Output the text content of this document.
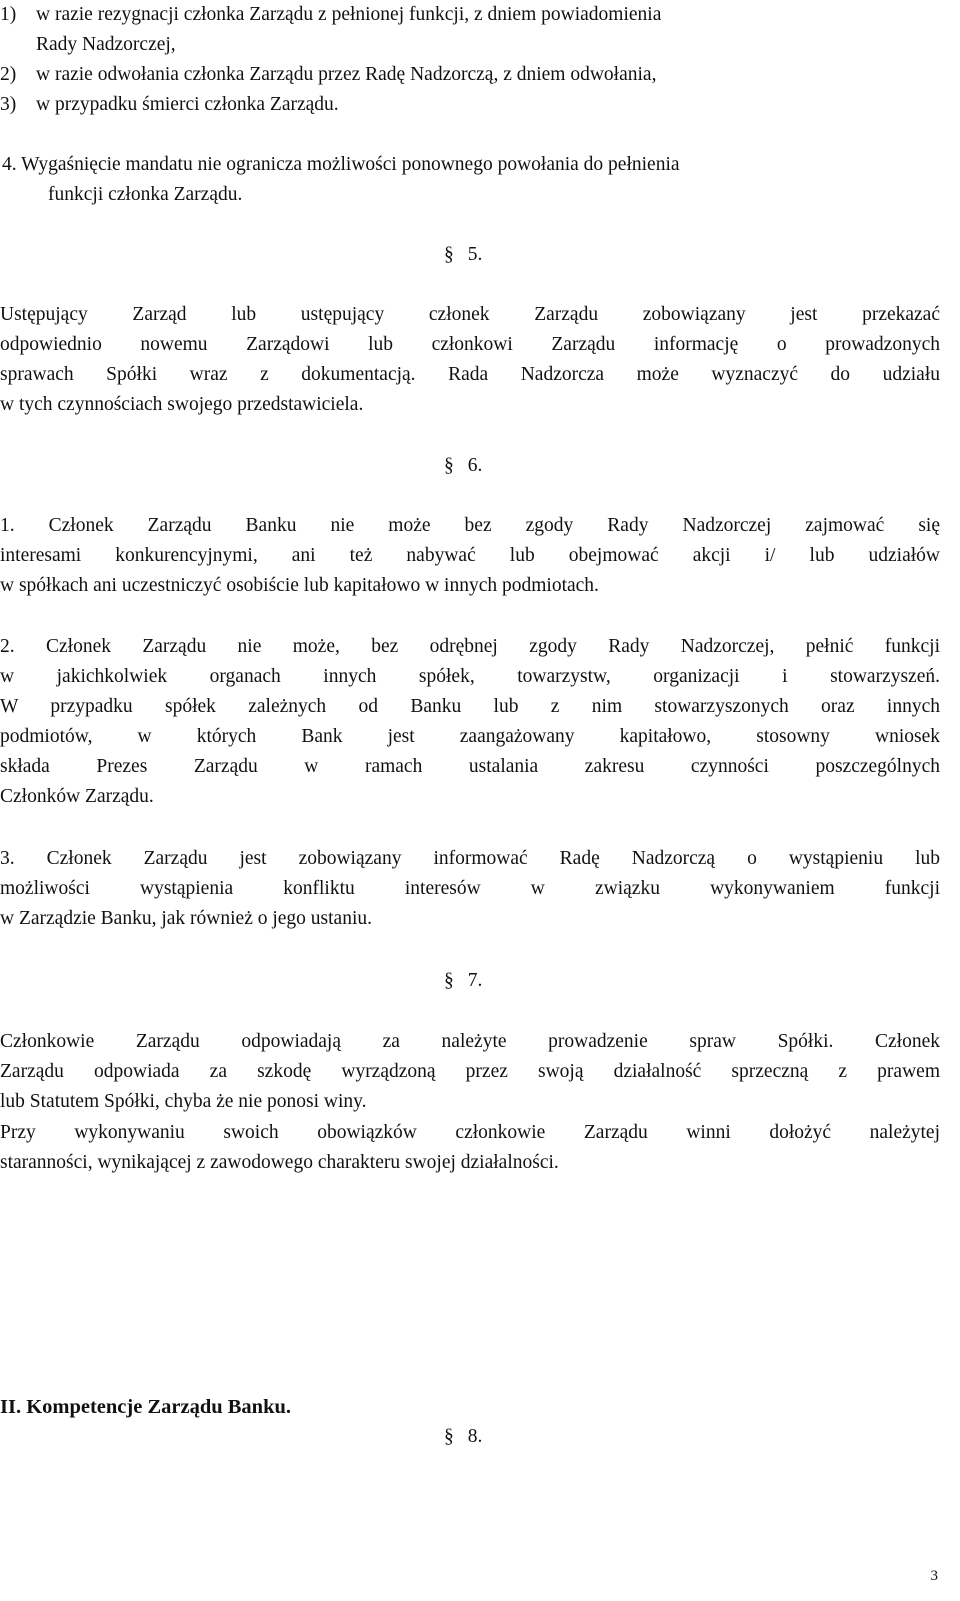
1)	w razie rezygnacji członka Zarządu z pełnionej funkcji, z dniem powiadomienia
Rady Nadzorczej,
2)	w razie odwołania członka Zarządu przez Radę Nadzorczą, z dniem odwołania,
3)	w przypadku śmierci członka Zarządu.
4. Wygaśnięcie mandatu nie ogranicza możliwości ponownego powołania do pełnienia
funkcji członka Zarządu.
§ 5.
Ustępujący Zarząd lub ustępujący członek Zarządu zobowiązany jest przekazać
odpowiednio nowemu Zarządowi lub członkowi Zarządu informację o prowadzonych
sprawach Spółki wraz z dokumentacją. Rada Nadzorcza może wyznaczyć do udziału
w tych czynnościach swojego przedstawiciela.
§ 6.
1. Członek Zarządu Banku nie może bez zgody Rady Nadzorczej zajmować się
interesami konkurencyjnymi, ani też nabywać lub obejmować akcji i/ lub udziałów
w spółkach ani uczestniczyć osobiście lub kapitałowo w innych podmiotach.
2. Członek Zarządu nie może, bez odrębnej zgody Rady Nadzorczej, pełnić funkcji
w jakichkolwiek organach innych spółek, towarzystw, organizacji i stowarzyszeń.
W przypadku spółek zależnych od Banku lub z nim stowarzyszonych oraz innych
podmiotów, w których Bank jest zaangażowany kapitałowo, stosowny wniosek
składa Prezes Zarządu w ramach ustalania zakresu czynności poszczególnych
Członków Zarządu.
3. Członek Zarządu jest zobowiązany informować Radę Nadzorczą o wystąpieniu lub
możliwości wystąpienia konfliktu interesów w związku wykonywaniem funkcji
w Zarządzie Banku, jak również o jego ustaniu.
§ 7.
Członkowie Zarządu odpowiadają za należyte prowadzenie spraw Spółki. Członek
Zarządu odpowiada za szkodę wyrządzoną przez swoją działalność sprzeczną z prawem
lub Statutem Spółki, chyba że nie ponosi winy.
Przy wykonywaniu swoich obowiązków członkowie Zarządu winni dołożyć należytej
staranności, wynikającej z zawodowego charakteru swojej działalności.
II. Kompetencje Zarządu Banku.
§ 8.
3
